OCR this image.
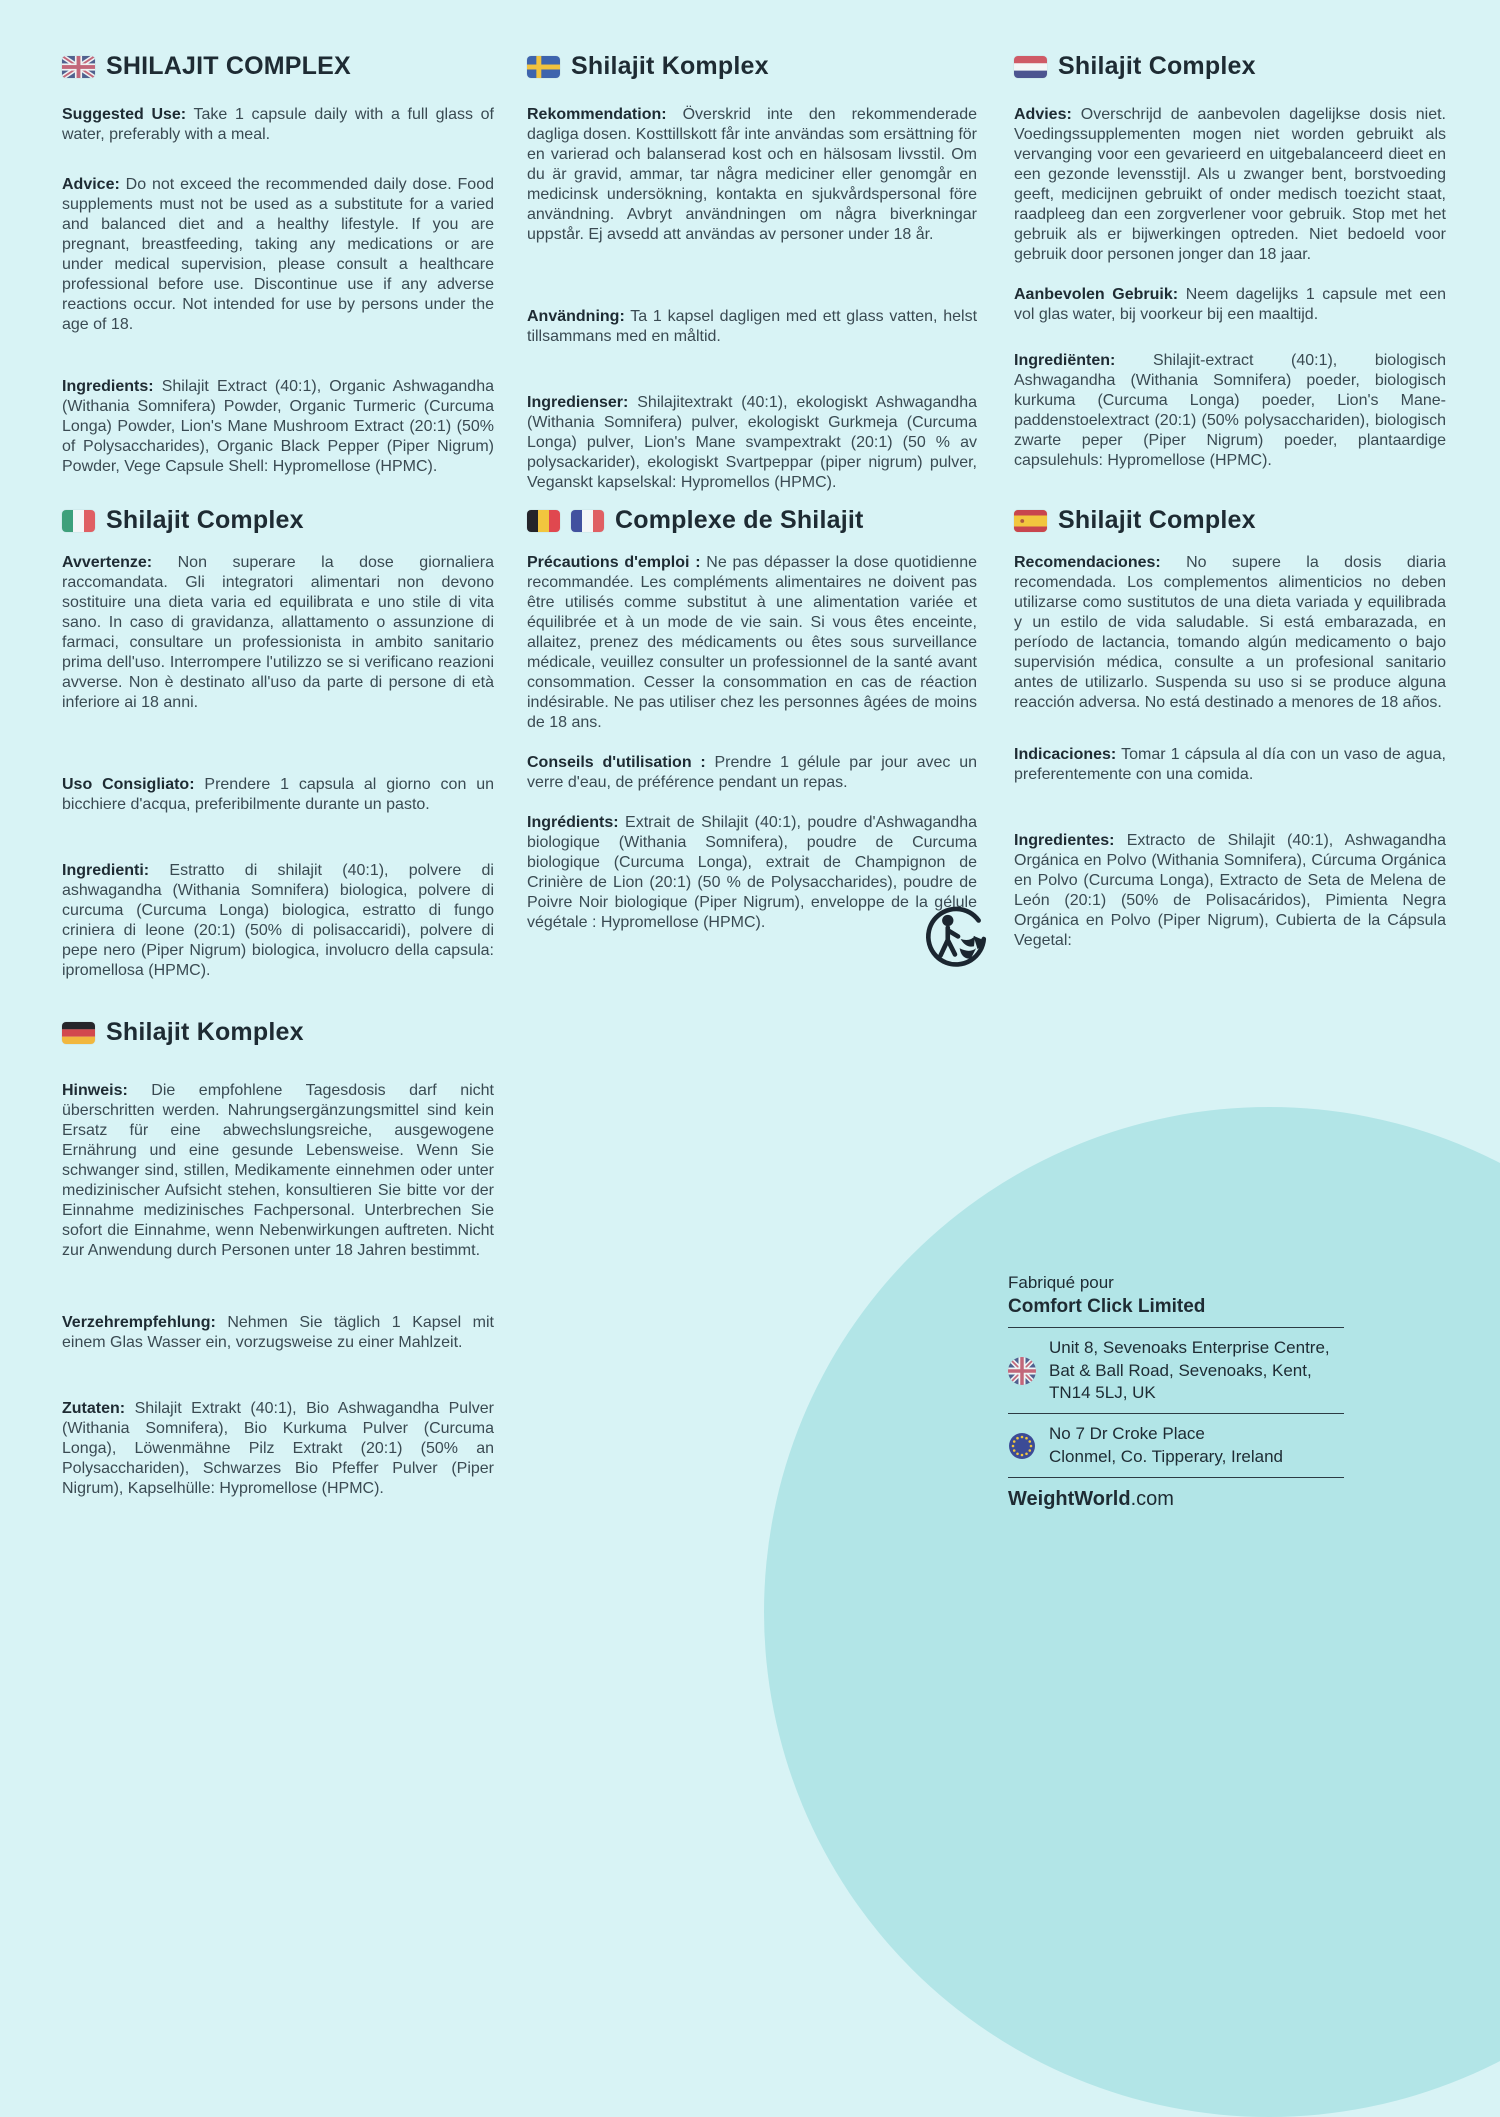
SHILAJIT COMPLEX

Suggested Use: Take 1 capsule daily with a full glass of water, preferably with a meal.

Advice: Do not exceed the recommended daily dose. Food supplements must not be used as a substitute for a varied and balanced diet and a healthy lifestyle. If you are pregnant, breastfeeding, taking any medications or are under medical supervision, please consult a healthcare professional before use. Discontinue use if any adverse reactions occur. Not intended for use by persons under the age of 18.

Ingredients: Shilajit Extract (40:1), Organic Ashwagandha (Withania Somnifera) Powder, Organic Turmeric (Curcuma Longa) Powder, Lion's Mane Mushroom Extract (20:1) (50% of Polysaccharides), Organic Black Pepper (Piper Nigrum) Powder, Vege Capsule Shell: Hypromellose (HPMC).

Shilajit Komplex

Rekommendation: Överskrid inte den rekommenderade dagliga dosen. Kosttillskott får inte användas som ersättning för en varierad och balanserad kost och en hälsosam livsstil. Om du är gravid, ammar, tar några mediciner eller genomgår en medicinsk undersökning, kontakta en sjukvårdspersonal före användning. Avbryt användningen om några biverkningar uppstår. Ej avsedd att användas av personer under 18 år.

Användning: Ta 1 kapsel dagligen med ett glass vatten, helst tillsammans med en måltid.

Ingredienser: Shilajitextrakt (40:1), ekologiskt Ashwagandha (Withania Somnifera) pulver, ekologiskt Gurkmeja (Curcuma Longa) pulver, Lion's Mane svampextrakt (20:1) (50 % av polysackarider), ekologiskt Svartpeppar (piper nigrum) pulver, Veganskt kapselskal: Hypromellos (HPMC).

Shilajit Complex

Advies: Overschrijd de aanbevolen dagelijkse dosis niet. Voedingssupplementen mogen niet worden gebruikt als vervanging voor een gevarieerd en uitgebalanceerd dieet en een gezonde levensstijl. Als u zwanger bent, borstvoeding geeft, medicijnen gebruikt of onder medisch toezicht staat, raadpleeg dan een zorgverlener voor gebruik. Stop met het gebruik als er bijwerkingen optreden. Niet bedoeld voor gebruik door personen jonger dan 18 jaar.

Aanbevolen Gebruik: Neem dagelijks 1 capsule met een vol glas water, bij voorkeur bij een maaltijd.

Ingrediënten: Shilajit-extract (40:1), biologisch Ashwagandha (Withania Somnifera) poeder, biologisch kurkuma (Curcuma Longa) poeder, Lion's Mane-paddenstoelextract (20:1) (50% polysacchariden), biologisch zwarte peper (Piper Nigrum) poeder, plantaardige capsulehuls: Hypromellose (HPMC).

Shilajit Complex

Avvertenze: Non superare la dose giornaliera raccomandata. Gli integratori alimentari non devono sostituire una dieta varia ed equilibrata e uno stile di vita sano. In caso di gravidanza, allattamento o assunzione di farmaci, consultare un professionista in ambito sanitario prima dell'uso. Interrompere l'utilizzo se si verificano reazioni avverse. Non è destinato all'uso da parte di persone di età inferiore ai 18 anni.

Uso Consigliato: Prendere 1 capsula al giorno con un bicchiere d'acqua, preferibilmente durante un pasto.

Ingredienti: Estratto di shilajit (40:1), polvere di ashwagandha (Withania Somnifera) biologica, polvere di curcuma (Curcuma Longa) biologica, estratto di fungo criniera di leone (20:1) (50% di polisaccaridi), polvere di pepe nero (Piper Nigrum) biologica, involucro della capsula: ipromellosa (HPMC).

Complexe de Shilajit

Précautions d'emploi : Ne pas dépasser la dose quotidienne recommandée. Les compléments alimentaires ne doivent pas être utilisés comme substitut à une alimentation variée et équilibrée et à un mode de vie sain. Si vous êtes enceinte, allaitez, prenez des médicaments ou êtes sous surveillance médicale, veuillez consulter un professionnel de la santé avant consommation. Cesser la consommation en cas de réaction indésirable. Ne pas utiliser chez les personnes âgées de moins de 18 ans.

Conseils d'utilisation : Prendre 1 gélule par jour avec un verre d'eau, de préférence pendant un repas.

Ingrédients: Extrait de Shilajit (40:1), poudre d'Ashwagandha biologique (Withania Somnifera), poudre de Curcuma biologique (Curcuma Longa), extrait de Champignon de Crinière de Lion (20:1) (50 % de Polysaccharides), poudre de Poivre Noir biologique (Piper Nigrum), enveloppe de la gélule végétale : Hypromellose (HPMC).

Shilajit Complex

Recomendaciones: No supere la dosis diaria recomendada. Los complementos alimenticios no deben utilizarse como sustitutos de una dieta variada y equilibrada y un estilo de vida saludable. Si está embarazada, en período de lactancia, tomando algún medicamento o bajo supervisión médica, consulte a un profesional sanitario antes de utilizarlo. Suspenda su uso si se produce alguna reacción adversa. No está destinado a menores de 18 años.

Indicaciones: Tomar 1 cápsula al día con un vaso de agua, preferentemente con una comida.

Ingredientes: Extracto de Shilajit (40:1), Ashwagandha Orgánica en Polvo (Withania Somnifera), Cúrcuma Orgánica en Polvo (Curcuma Longa), Extracto de Seta de Melena de León (20:1) (50% de Polisacáridos), Pimienta Negra Orgánica en Polvo (Piper Nigrum), Cubierta de la Cápsula Vegetal:

Shilajit Komplex

Hinweis: Die empfohlene Tagesdosis darf nicht überschritten werden. Nahrungsergänzungsmittel sind kein Ersatz für eine abwechslungsreiche, ausgewogene Ernährung und eine gesunde Lebensweise. Wenn Sie schwanger sind, stillen, Medikamente einnehmen oder unter medizinischer Aufsicht stehen, konsultieren Sie bitte vor der Einnahme medizinisches Fachpersonal. Unterbrechen Sie sofort die Einnahme, wenn Nebenwirkungen auftreten. Nicht zur Anwendung durch Personen unter 18 Jahren bestimmt.

Verzehrempfehlung: Nehmen Sie täglich 1 Kapsel mit einem Glas Wasser ein, vorzugsweise zu einer Mahlzeit.

Zutaten: Shilajit Extrakt (40:1), Bio Ashwagandha Pulver (Withania Somnifera), Bio Kurkuma Pulver (Curcuma Longa), Löwenmähne Pilz Extrakt (20:1) (50% an Polysacchariden), Schwarzes Bio Pfeffer Pulver (Piper Nigrum), Kapselhülle: Hypromellose (HPMC).

Fabriqué pour
Comfort Click Limited
Unit 8, Sevenoaks Enterprise Centre,
Bat & Ball Road, Sevenoaks, Kent,
TN14 5LJ, UK
No 7 Dr Croke Place
Clonmel, Co. Tipperary, Ireland
WeightWorld.com
